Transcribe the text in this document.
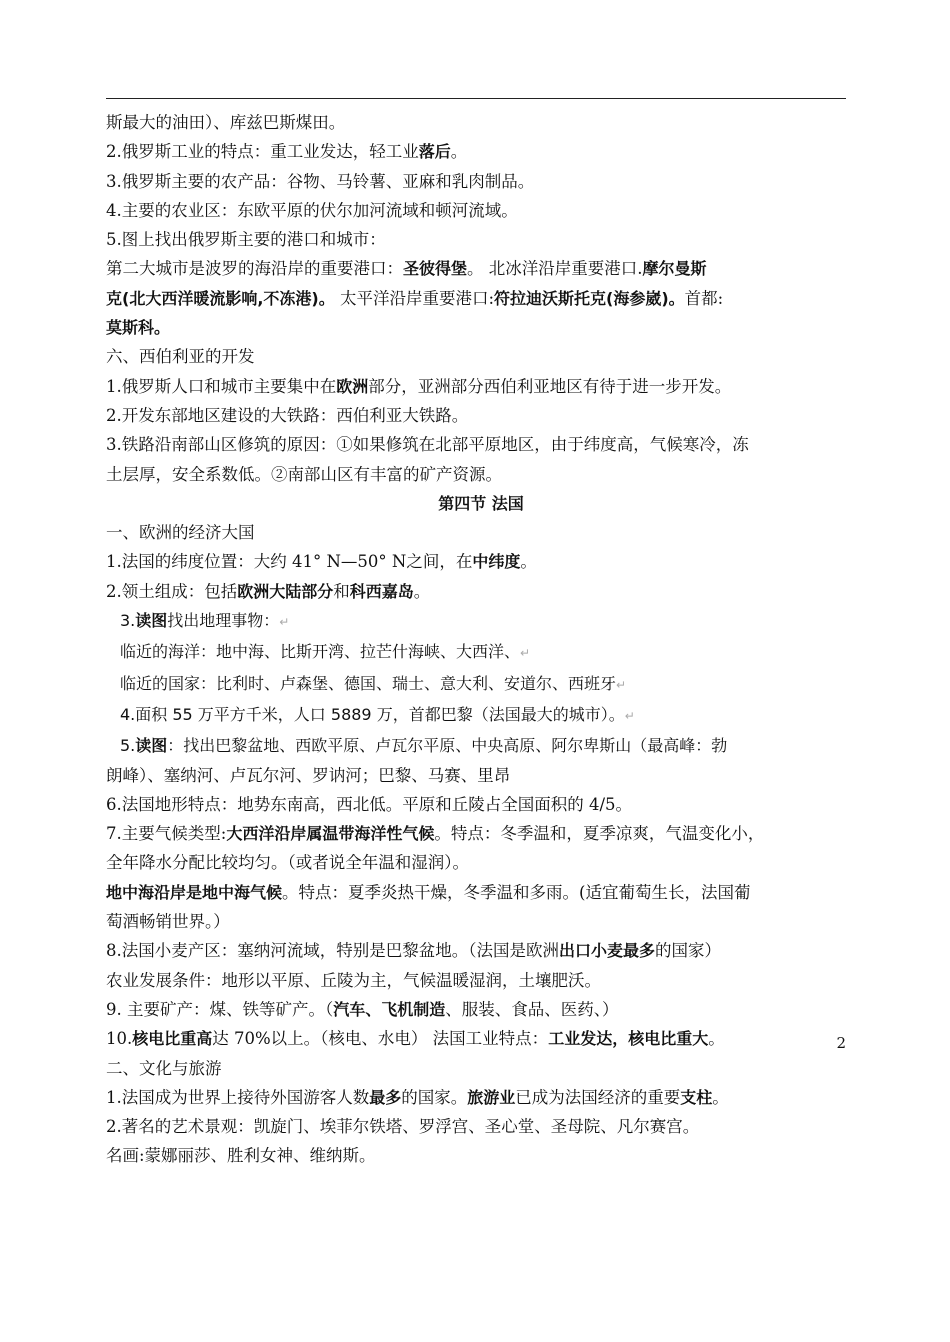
斯最大的油田）、库兹巴斯煤田。
2.俄罗斯工业的特点：重工业发达，轻工业落后。
3.俄罗斯主要的农产品：谷物、马铃薯、亚麻和乳肉制品。
4.主要的农业区：东欧平原的伏尔加河流域和顿河流域。
5.图上找出俄罗斯主要的港口和城市：
第二大城市是波罗的海沿岸的重要港口：圣彼得堡。 北冰洋沿岸重要港口.摩尔曼斯
克(北大西洋暖流影响,不冻港)。 太平洋沿岸重要港口:符拉迪沃斯托克(海参崴)。首都:
莫斯科。
六、西伯利亚的开发
1.俄罗斯人口和城市主要集中在欧洲部分，亚洲部分西伯利亚地区有待于进一步开发。
2.开发东部地区建设的大铁路：西伯利亚大铁路。
3.铁路沿南部山区修筑的原因：①如果修筑在北部平原地区，由于纬度高，气候寒冷，冻
土层厚，安全系数低。②南部山区有丰富的矿产资源。
第四节 法国
一、欧洲的经济大国
1.法国的纬度位置：大约 41° N—50° N之间，在中纬度。
2.领土组成：包括欧洲大陆部分和科西嘉岛。
3.读图找出地理事物：↵
临近的海洋：地中海、比斯开湾、拉芒什海峡、大西洋、↵
临近的国家：比利时、卢森堡、德国、瑞士、意大利、安道尔、西班牙↵
4.面积 55 万平方千米，人口 5889 万，首都巴黎（法国最大的城市）。↵
5.读图：找出巴黎盆地、西欧平原、卢瓦尔平原、中央高原、阿尔卑斯山（最高峰：勃
朗峰）、塞纳河、卢瓦尔河、罗讷河；巴黎、马赛、里昂
6.法国地形特点：地势东南高，西北低。平原和丘陵占全国面积的 4/5。
7.主要气候类型:大西洋沿岸属温带海洋性气候。特点：冬季温和，夏季凉爽，气温变化小，
全年降水分配比较均匀。（或者说全年温和湿润）。
地中海沿岸是地中海气候。特点：夏季炎热干燥，冬季温和多雨。(适宜葡萄生长，法国葡
萄酒畅销世界。）
8.法国小麦产区：塞纳河流域，特别是巴黎盆地。（法国是欧洲出口小麦最多的国家）
农业发展条件：地形以平原、丘陵为主，气候温暖湿润，土壤肥沃。
9. 主要矿产：煤、铁等矿产。（汽车、飞机制造、服装、食品、医药、）
10.核电比重高达 70%以上。（核电、水电） 法国工业特点：工业发达，核电比重大。
二、文化与旅游
1.法国成为世界上接待外国游客人数最多的国家。旅游业已成为法国经济的重要支柱。
2.著名的艺术景观：凯旋门、埃菲尔铁塔、罗浮宫、圣心堂、圣母院、凡尔赛宫。
名画:蒙娜丽莎、胜利女神、维纳斯。
2
